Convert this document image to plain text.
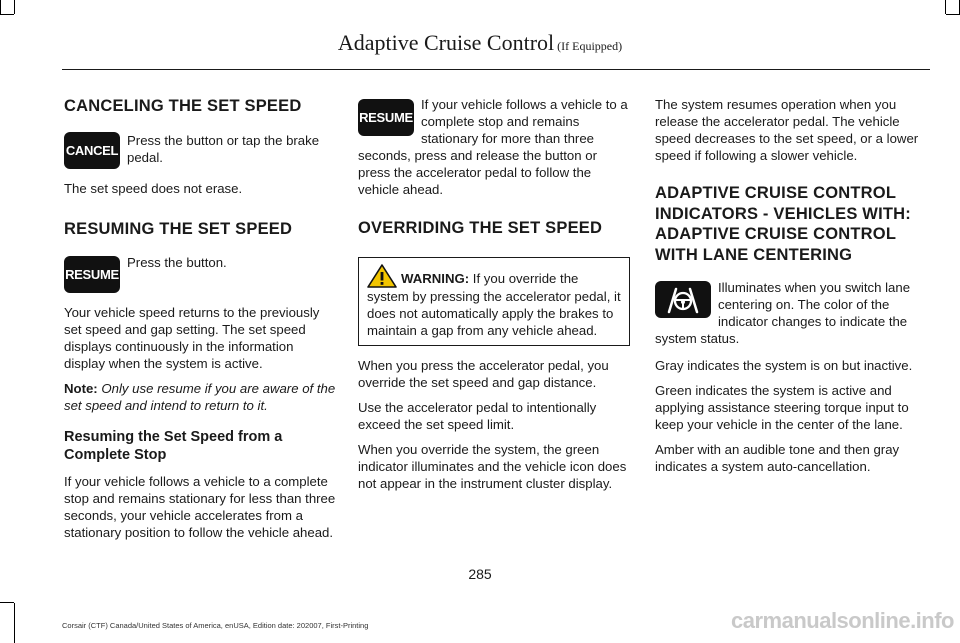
Adaptive Cruise Control (If Equipped)
CANCELING THE SET SPEED
CANCEL

Press the button or tap the brake pedal.

The set speed does not erase.

RESUMING THE SET SPEED
RESUME

Press the button.

Your vehicle speed returns to the previously set speed and gap setting. The set speed displays continuously in the information display when the system is active.

Note: Only use resume if you are aware of the set speed and intend to return to it.

Resuming the Set Speed from a Complete Stop

If your vehicle follows a vehicle to a complete stop and remains stationary for less than three seconds, your vehicle accelerates from a stationary position to follow the vehicle ahead.

RESUME

If your vehicle follows a vehicle to a complete stop and remains stationary for more than three seconds, press and release the button or press the accelerator pedal to follow the vehicle ahead.

OVERRIDING THE SET SPEED
WARNING: If you override the system by pressing the accelerator pedal, it does not automatically apply the brakes to maintain a gap from any vehicle ahead.

When you press the accelerator pedal, you override the set speed and gap distance.

Use the accelerator pedal to intentionally exceed the set speed limit.

When you override the system, the green indicator illuminates and the vehicle icon does not appear in the instrument cluster display.

The system resumes operation when you release the accelerator pedal. The vehicle speed decreases to the set speed, or a lower speed if following a slower vehicle.

ADAPTIVE CRUISE CONTROL INDICATORS - VEHICLES WITH: ADAPTIVE CRUISE CONTROL WITH LANE CENTERING

Illuminates when you switch lane centering on. The color of the indicator changes to indicate the system status.

Gray indicates the system is on but inactive.

Green indicates the system is active and applying assistance steering torque input to keep your vehicle in the center of the lane.

Amber with an audible tone and then gray indicates a system auto-cancellation.

285
Corsair (CTF) Canada/United States of America, enUSA, Edition date: 202007, First-Printing	carmanualsonline.info
